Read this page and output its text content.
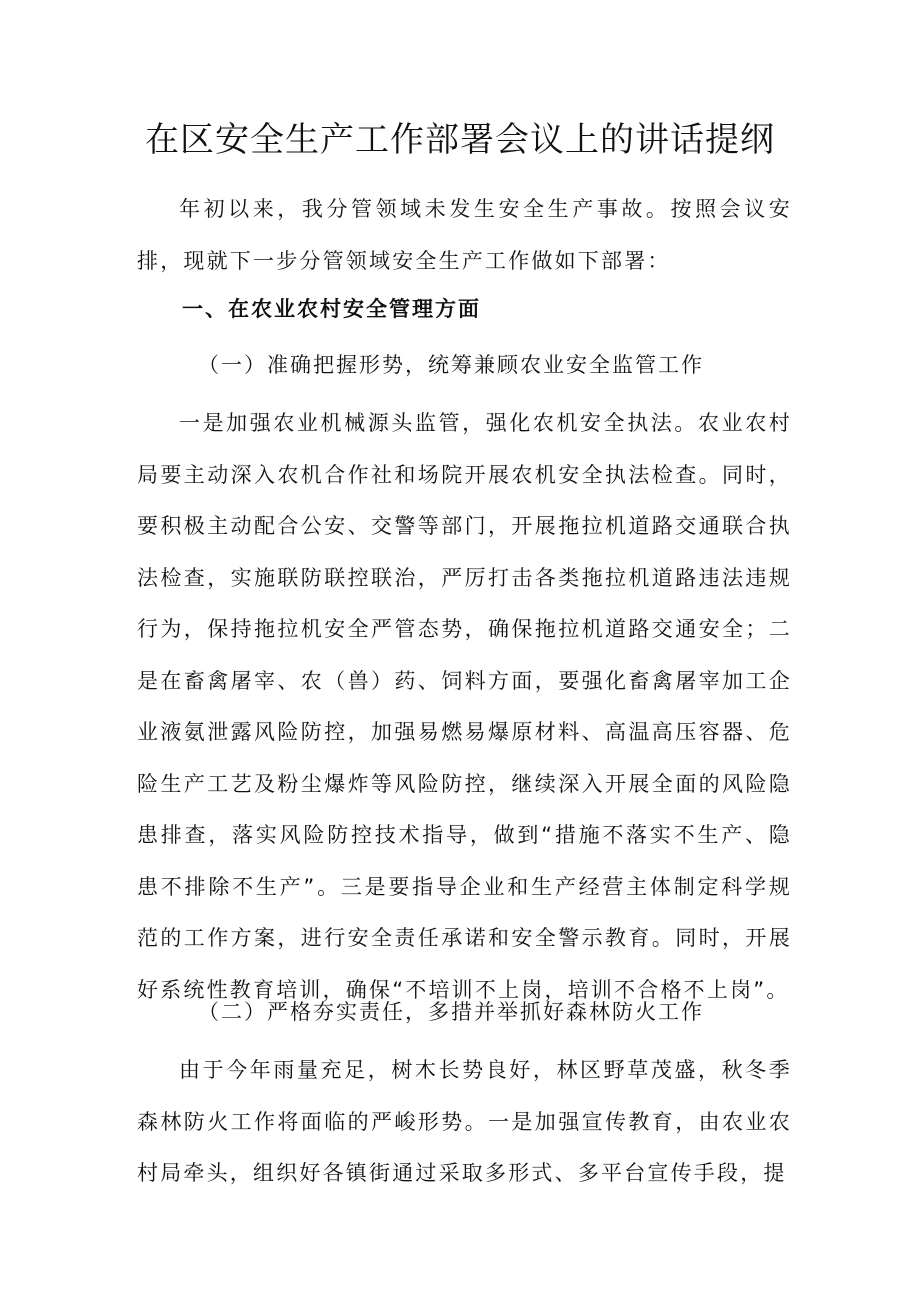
在区安全生产工作部署会议上的讲话提纲

年初以来，我分管领域未发生安全生产事故。按照会议安排，现就下一步分管领域安全生产工作做如下部署：

一、在农业农村安全管理方面
（一）准确把握形势，统筹兼顾农业安全监管工作

一是加强农业机械源头监管，强化农机安全执法。农业农村局要主动深入农机合作社和场院开展农机安全执法检查。同时，要积极主动配合公安、交警等部门，开展拖拉机道路交通联合执法检查，实施联防联控联治，严厉打击各类拖拉机道路违法违规行为，保持拖拉机安全严管态势，确保拖拉机道路交通安全；二是在畜禽屠宰、农（兽）药、饲料方面，要强化畜禽屠宰加工企业液氨泄露风险防控，加强易燃易爆原材料、高温高压容器、危险生产工艺及粉尘爆炸等风险防控，继续深入开展全面的风险隐患排查，落实风险防控技术指导，做到“措施不落实不生产、隐患不排除不生产”。三是要指导企业和生产经营主体制定科学规范的工作方案，进行安全责任承诺和安全警示教育。同时，开展好系统性教育培训，确保“不培训不上岗，培训不合格不上岗”。

（二）严格夯实责任，多措并举抓好森林防火工作

由于今年雨量充足，树木长势良好，林区野草茂盛，秋冬季森林防火工作将面临的严峻形势。一是加强宣传教育，由农业农村局牵头，组织好各镇街通过采取多形式、多平台宣传手段，提
